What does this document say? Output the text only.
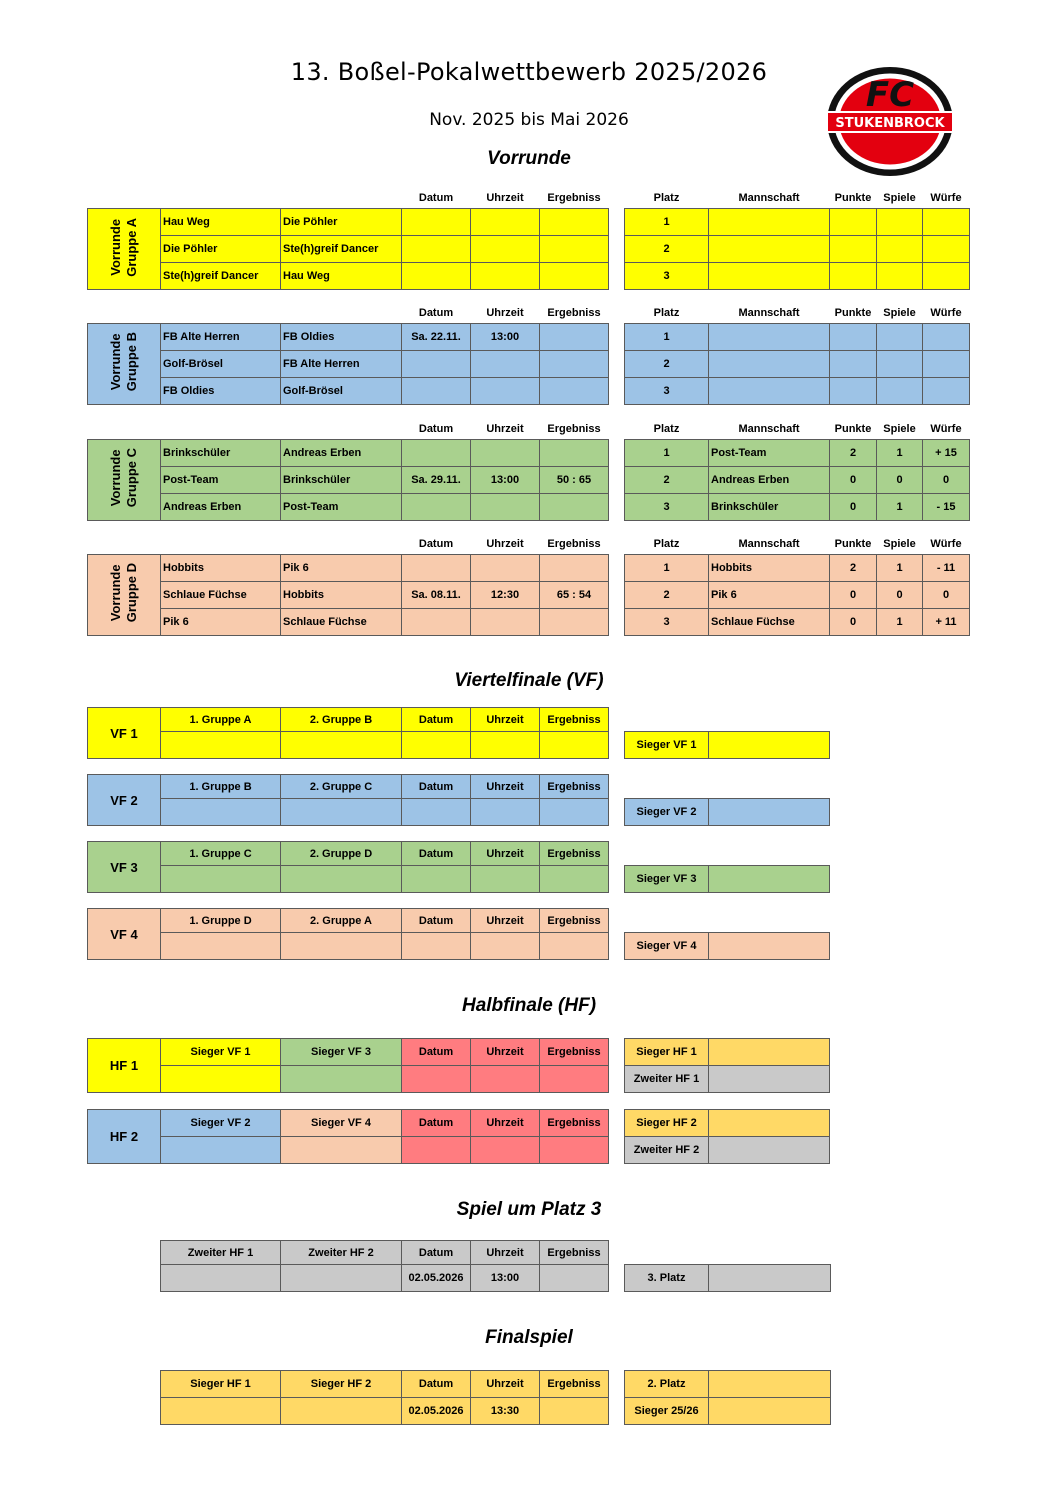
13. Boßel-Pokalwettbewerb 2025/2026
Nov. 2025 bis Mai 2026
FC
STUKENBROCK
Vorrunde
			Datum	Uhrzeit	Ergebniss		Platz	Mannschaft	Punkte	Spiele	Würfe
Vorrunde
Gruppe A	Hau Weg	Die Pöhler					1				
	Die Pöhler	Ste(h)greif Dancer					2				
	Ste(h)greif Dancer	Hau Weg					3				
			Datum	Uhrzeit	Ergebniss		Platz	Mannschaft	Punkte	Spiele	Würfe
Vorrunde
Gruppe B	FB Alte Herren	FB Oldies	Sa. 22.11.	13:00			1				
	Golf-Brösel	FB Alte Herren					2				
	FB Oldies	Golf-Brösel					3				
			Datum	Uhrzeit	Ergebniss		Platz	Mannschaft	Punkte	Spiele	Würfe
Vorrunde
Gruppe C	Brinkschüler	Andreas Erben					1	Post-Team	2	1	+ 15
	Post-Team	Brinkschüler	Sa. 29.11.	13:00	50 : 65		2	Andreas Erben	0	0	0
	Andreas Erben	Post-Team					3	Brinkschüler	0	1	- 15
			Datum	Uhrzeit	Ergebniss		Platz	Mannschaft	Punkte	Spiele	Würfe
Vorrunde
Gruppe D	Hobbits	Pik 6					1	Hobbits	2	1	- 11
	Schlaue Füchse	Hobbits	Sa. 08.11.	12:30	65 : 54		2	Pik 6	0	0	0
	Pik 6	Schlaue Füchse					3	Schlaue Füchse	0	1	+ 11
Viertelfinale (VF)
VF 1	1. Gruppe A	2. Gruppe B	Datum	Uhrzeit	Ergebniss			
							Sieger VF 1	
VF 2	1. Gruppe B	2. Gruppe C	Datum	Uhrzeit	Ergebniss			
							Sieger VF 2	
VF 3	1. Gruppe C	2. Gruppe D	Datum	Uhrzeit	Ergebniss			
							Sieger VF 3	
VF 4	1. Gruppe D	2. Gruppe A	Datum	Uhrzeit	Ergebniss			
							Sieger VF 4	
Halbfinale (HF)
HF 1	Sieger VF 1	Sieger VF 3	Datum	Uhrzeit	Ergebniss		Sieger HF 1	
							Zweiter HF 1	
HF 2	Sieger VF 2	Sieger VF 4	Datum	Uhrzeit	Ergebniss		Sieger HF 2	
							Zweiter HF 2	
Spiel um Platz 3
Zweiter HF 1	Zweiter HF 2	Datum	Uhrzeit	Ergebniss			
		02.05.2026	13:00			3. Platz	
Finalspiel
Sieger HF 1	Sieger HF 2	Datum	Uhrzeit	Ergebniss		2. Platz	
		02.05.2026	13:30			Sieger 25/26	
